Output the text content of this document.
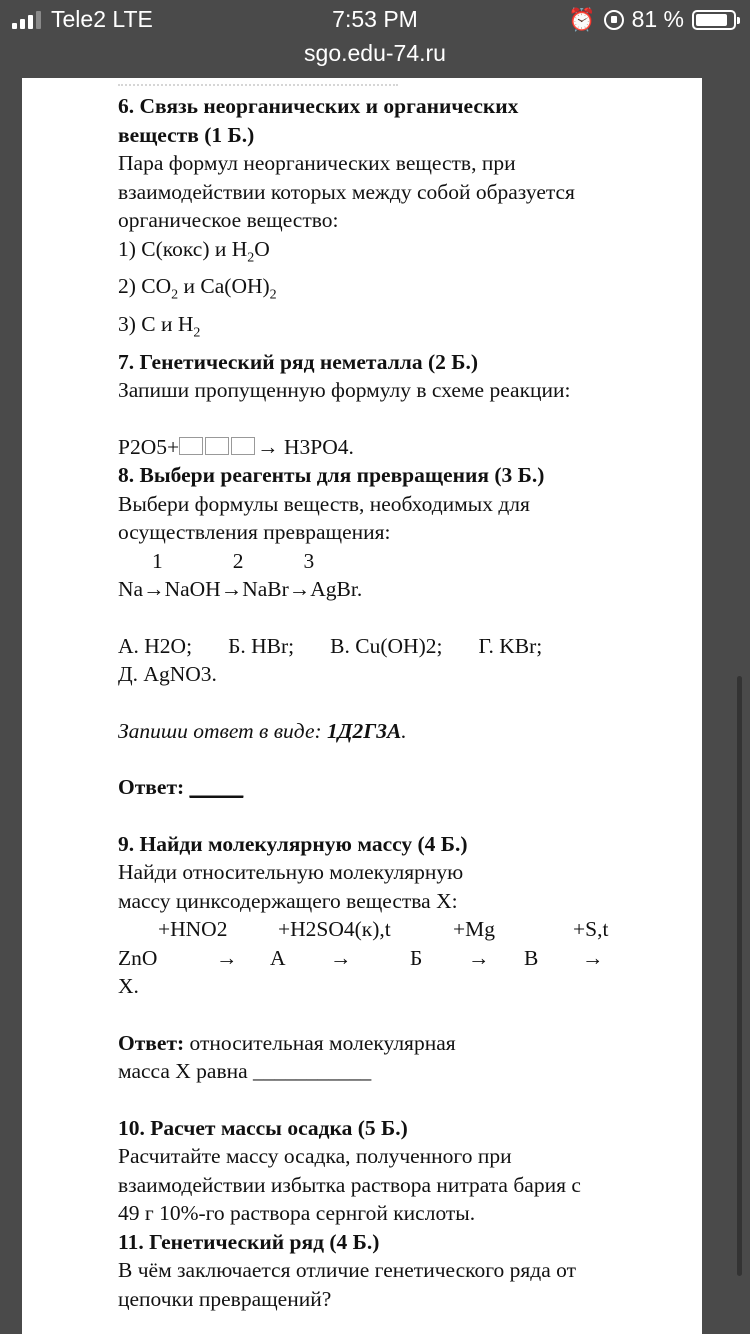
Tele2
LTE	7:53 PM	⏰ 81 %
sgo.edu-74.ru
6. Связь неорганических и органических
веществ (1 Б.)
Пара формул неорганических веществ, при
взаимодействии которых между собой образуется
органическое вещество:
1) С(кокс) и $Н_2О$
2) $СО_2$ и $Са(ОН)_2$
3) С и $Н_2$
7. Генетический ряд неметалла (2 Б.)
Запиши пропущенную формулу в схеме реакции:
P2O5+	→ H3PO4.
8. Выбери реагенты для превращения (3 Б.)
Выбери формулы веществ, необходимых для
осуществления превращения:
1	2	3
Na→NaOH→NaBr→AgBr.
А. H2O; Б. HBr; В. Cu(OH)2; Г. KBr;
Д. AgNO3.
Запиши ответ в виде: 1Д2Г3А.
Ответ: _____
9. Найди молекулярную массу (4 Б.)
Найди относительную молекулярную
массу цинксодержащего вещества Х:
+HNO2 +H2SO4(к),t	+Mg	+S,t
ZnO	→ А →	Б → В →
Х.
Ответ: относительная молекулярная
масса Х равна ___________
10. Расчет массы осадка (5 Б.)
Расчитайте массу осадка, полученного при
взаимодействии избытка раствора нитрата бария с
49 г 10%-го раствора сернгой кислоты.
11. Генетический ряд (4 Б.)
В чём заключается отличие генетического ряда от
цепочки превращений?
